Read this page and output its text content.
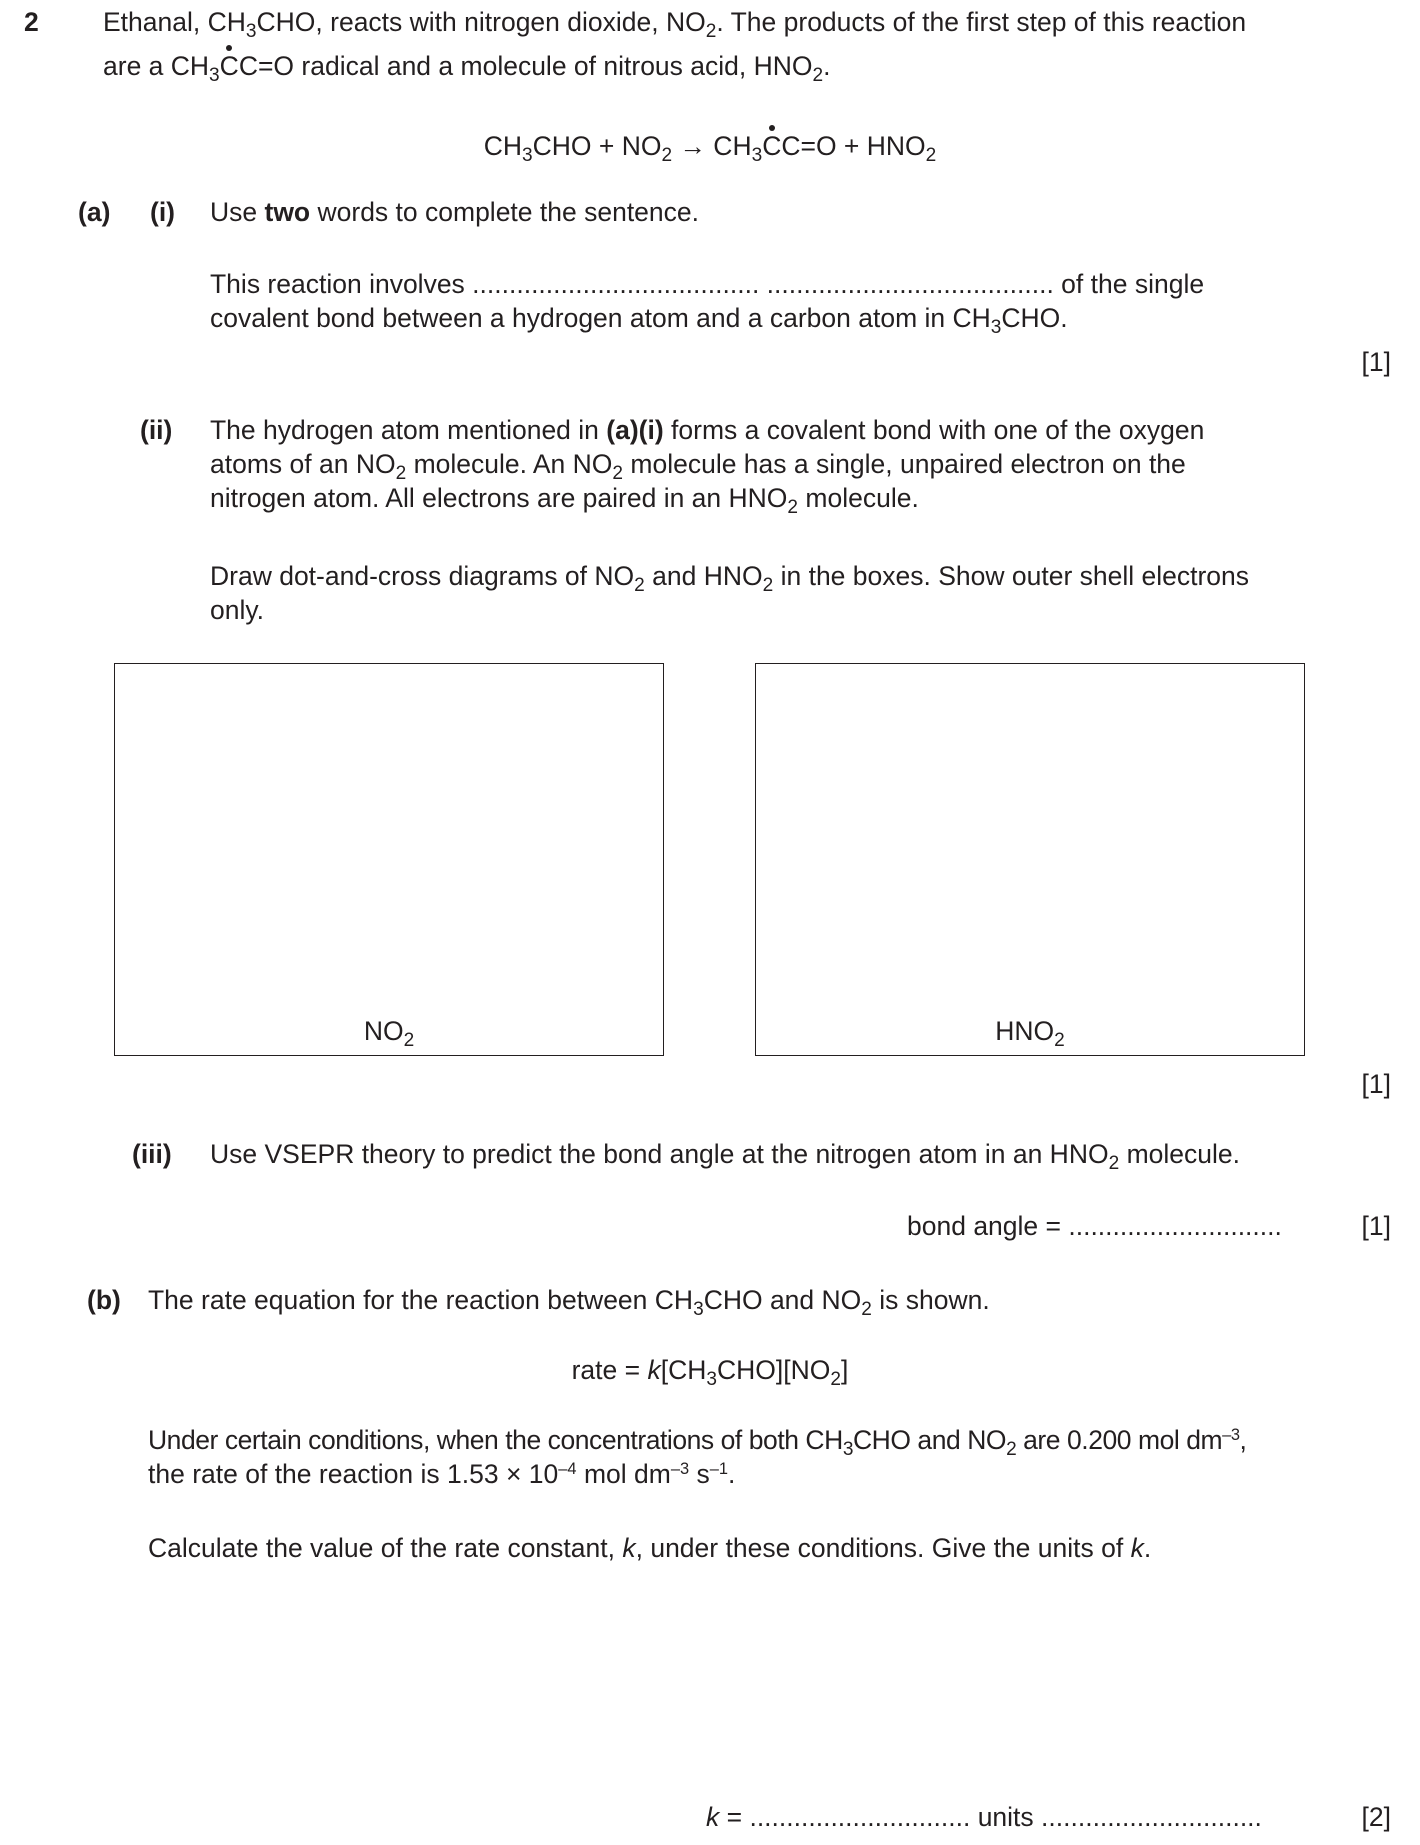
2 Ethanal, $CH_3CHO$, reacts with nitrogen dioxide, $NO_2$. The products of the first step of this reaction
are a $CH_3CC=O$ radical and a molecule of nitrous acid, $HNO_2$.
$CH_3CHO + NO_2 \to CH_3CC=O + HNO_2$
(a) (i) Use two words to complete the sentence.
This reaction involves ....................................... ....................................... of the single
covalent bond between a hydrogen atom and a carbon atom in $CH_3CHO$.
[1]
(ii) The hydrogen atom mentioned in (a)(i) forms a covalent bond with one of the oxygen
atoms of an $NO_2$ molecule. An $NO_2$ molecule has a single, unpaired electron on the
nitrogen atom. All electrons are paired in an $HNO_2$ molecule.
Draw dot-and-cross diagrams of $NO_2$ and $HNO_2$ in the boxes. Show outer shell electrons
only.
$NO_2$	$HNO_2$
[1]
(iii) Use VSEPR theory to predict the bond angle at the nitrogen atom in an $HNO_2$ molecule.
bond angle = .............................	[1]
(b) The rate equation for the reaction between $CH_3CHO$ and $NO_2$ is shown.
rate = $k[CH_3CHO][NO_2]$
Under certain conditions, when the concentrations of both $CH_3CHO$ and $NO_2$ are 0.200 mol $dm^{-3}$,
the rate of the reaction is $1.53 \times 10^{-4}$ mol $dm^{-3}$ $s^{-1}$.
Calculate the value of the rate constant, k, under these conditions. Give the units of k.
k = .............................. units ..............................	[2]
